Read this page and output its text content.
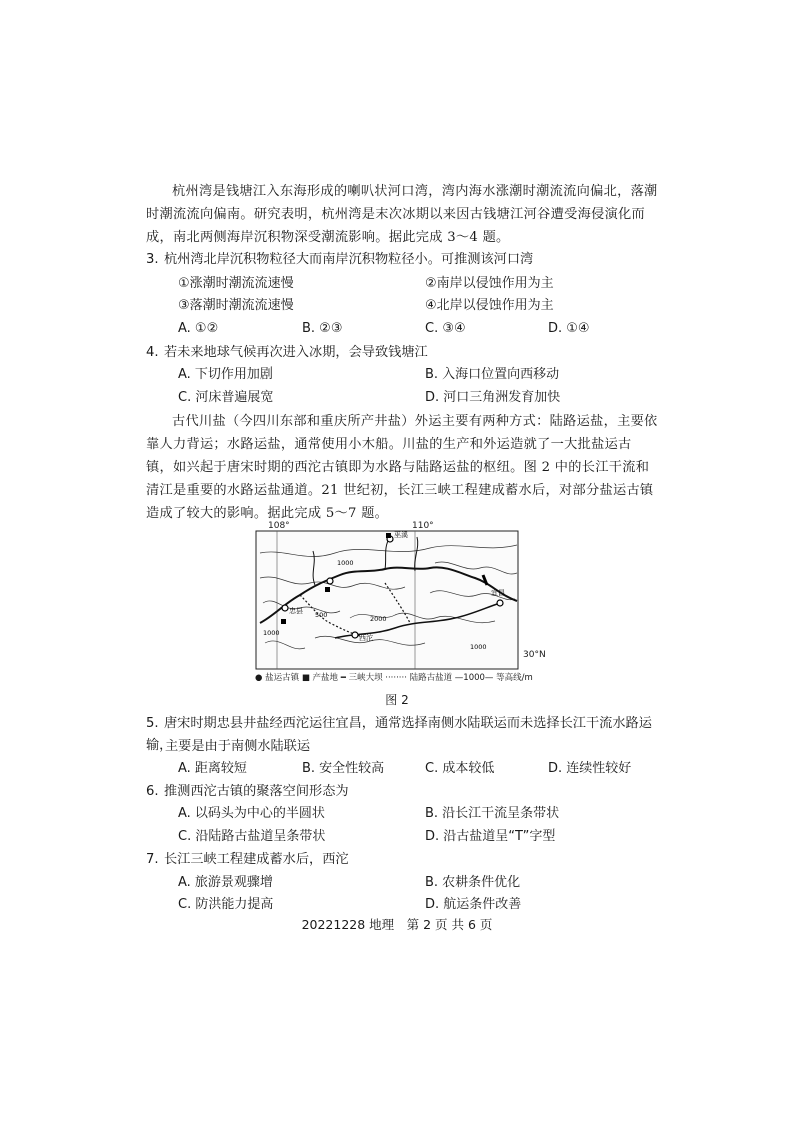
杭州湾是钱塘江入东海形成的喇叭状河口湾，湾内海水涨潮时潮流流向偏北，落潮时潮流流向偏南。研究表明，杭州湾是末次冰期以来因古钱塘江河谷遭受海侵演化而成，南北两侧海岸沉积物深受潮流影响。据此完成 3～4 题。

3. 杭州湾北岸沉积物粒径大而南岸沉积物粒径小。可推测该河口湾
①涨潮时潮流流速慢	②南岸以侵蚀作用为主
③落潮时潮流流速慢	④北岸以侵蚀作用为主
A. ①②	B. ②③	C. ③④	D. ①④
4. 若未来地球气候再次进入冰期，会导致钱塘江
A. 下切作用加剧	B. 入海口位置向西移动
C. 河床普遍展宽	D. 河口三角洲发育加快

古代川盐（今四川东部和重庆所产井盐）外运主要有两种方式：陆路运盐，主要依靠人力背运；水路运盐，通常使用小木船。川盐的生产和外运造就了一大批盐运古镇，如兴起于唐宋时期的西沱古镇即为水路与陆路运盐的枢纽。图 2 中的长江干流和清江是重要的水路运盐通道。21 世纪初，长江三峡工程建成蓄水后，对部分盐运古镇造成了较大的影响。据此完成 5～7 题。

108°	110°
忠县
西沱
巫溪
宜昌
1000
1000
1000
500	2000
30°N
● 盐运古镇 ■ 产盐地 ━ 三峡大坝 ········ 陆路古盐道 —1000— 等高线/m
图 2
5. 唐宋时期忠县井盐经西沱运往宜昌，通常选择南侧水陆联运而未选择长江干流水路运输，
主要是由于南侧水陆联运
A. 距离较短	B. 安全性较高	C. 成本较低	D. 连续性较好
6. 推测西沱古镇的聚落空间形态为
A. 以码头为中心的半圆状	B. 沿长江干流呈条带状
C. 沿陆路古盐道呈条带状	D. 沿古盐道呈“T”字型
7. 长江三峡工程建成蓄水后，西沱
A. 旅游景观骤增	B. 农耕条件优化
C. 防洪能力提高	D. 航运条件改善
20221228 地理　第 2 页 共 6 页
